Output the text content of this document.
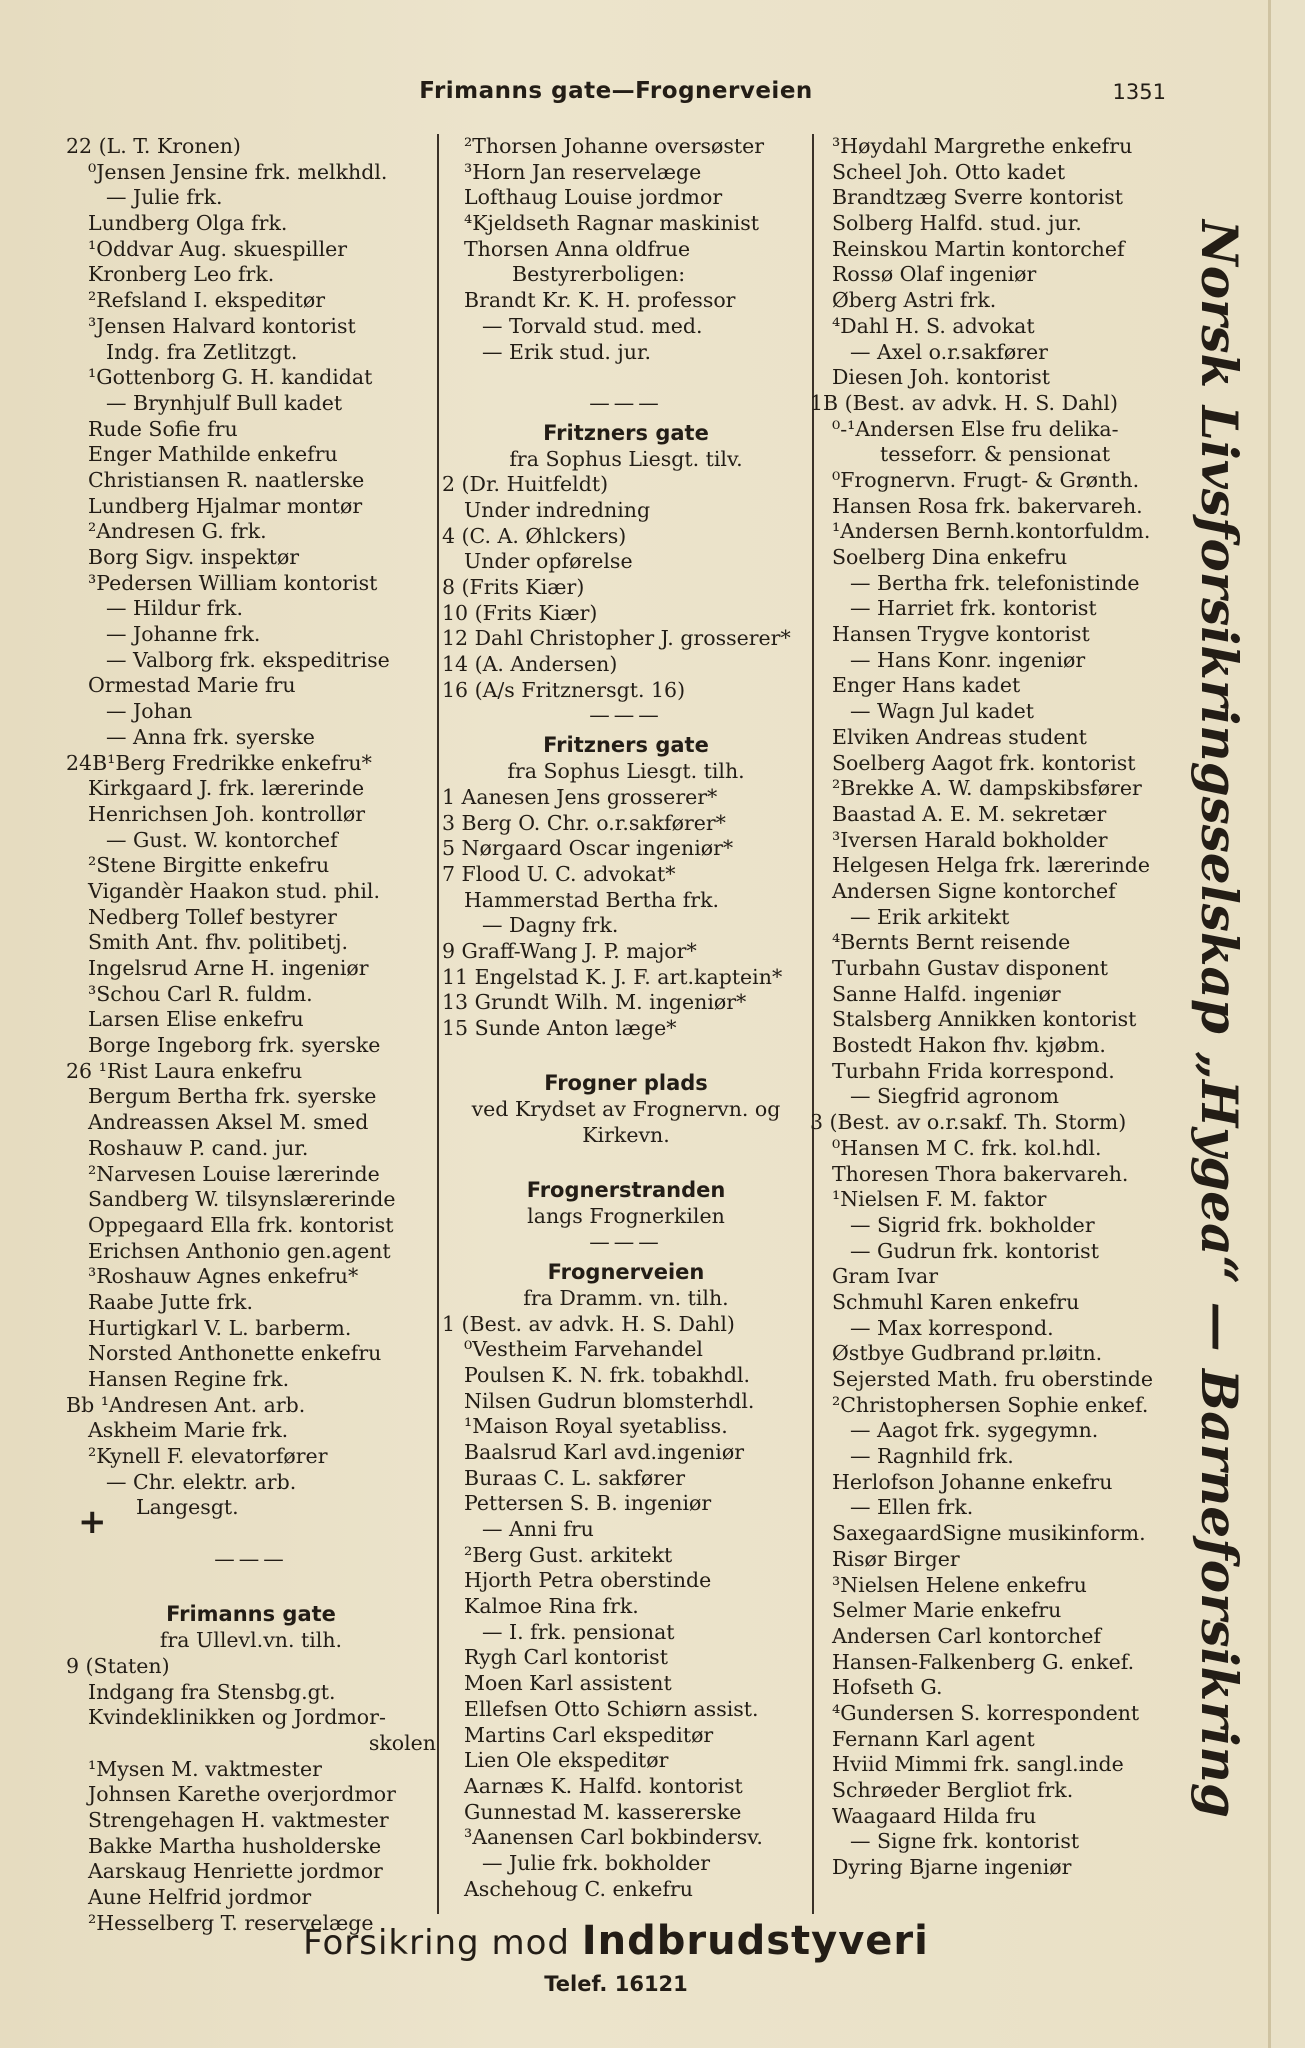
Frimanns gate—Frognerveien	1351
22 (L. T. Kronen)
⁰Jensen Jensine frk. melkhdl.
— Julie frk.
Lundberg Olga frk.
¹Oddvar Aug. skuespiller
Kronberg Leo frk.
²Refsland I. ekspeditør
³Jensen Halvard kontorist
Indg. fra Zetlitzgt.
¹Gottenborg G. H. kandidat
— Brynhjulf Bull kadet
Rude Sofie fru
Enger Mathilde enkefru
Christiansen R. naatlerske
Lundberg Hjalmar montør
²Andresen G. frk.
Borg Sigv. inspektør
³Pedersen William kontorist
— Hildur frk.
— Johanne frk.
— Valborg frk. ekspeditrise
Ormestad Marie fru
— Johan
— Anna frk. syerske
24B¹Berg Fredrikke enkefru*
Kirkgaard J. frk. lærerinde
Henrichsen Joh. kontrollør
— Gust. W. kontorchef
²Stene Birgitte enkefru
Vigandèr Haakon stud. phil.
Nedberg Tollef bestyrer
Smith Ant. fhv. politibetj.
Ingelsrud Arne H. ingeniør
³Schou Carl R. fuldm.
Larsen Elise enkefru
Borge Ingeborg frk. syerske
26 ¹Rist Laura enkefru
Bergum Bertha frk. syerske
Andreassen Aksel M. smed
Roshauw P. cand. jur.
²Narvesen Louise lærerinde
Sandberg W. tilsynslærerinde
Oppegaard Ella frk. kontorist
Erichsen Anthonio gen.agent
³Roshauw Agnes enkefru*
Raabe Jutte frk.
Hurtigkarl V. L. barberm.
Norsted Anthonette enkefru
Hansen Regine frk.
Bb ¹Andresen Ant. arb.
Askheim Marie frk.
²Kynell F. elevatorfører
— Chr. elektr. arb.
Langesgt.
———
Frimanns gate
fra Ullevl.vn. tilh.
9 (Staten)
Indgang fra Stensbg.gt.
Kvindeklinikken og Jordmor-
skolen
¹Mysen M. vaktmester
Johnsen Karethe overjordmor
Strengehagen H. vaktmester
Bakke Martha husholderske
Aarskaug Henriette jordmor
Aune Helfrid jordmor
²Hesselberg T. reservelæge
²Thorsen Johanne oversøster
³Horn Jan reservelæge
Lofthaug Louise jordmor
⁴Kjeldseth Ragnar maskinist
Thorsen Anna oldfrue
Bestyrerboligen:
Brandt Kr. K. H. professor
— Torvald stud. med.
— Erik stud. jur.
———
Fritzners gate
fra Sophus Liesgt. tilv.
2 (Dr. Huitfeldt)
Under indredning
4 (C. A. Øhlckers)
Under opførelse
8 (Frits Kiær)
10 (Frits Kiær)
12 Dahl Christopher J. grosserer*
14 (A. Andersen)
16 (A/s Fritznersgt. 16)
———
Fritzners gate
fra Sophus Liesgt. tilh.
1 Aanesen Jens grosserer*
3 Berg O. Chr. o.r.sakfører*
5 Nørgaard Oscar ingeniør*
7 Flood U. C. advokat*
Hammerstad Bertha frk.
— Dagny frk.
9 Graff-Wang J. P. major*
11 Engelstad K. J. F. art.kaptein*
13 Grundt Wilh. M. ingeniør*
15 Sunde Anton læge*
Frogner plads
ved Krydset av Frognervn. og
Kirkevn.
Frognerstranden
langs Frognerkilen
———
Frognerveien
fra Dramm. vn. tilh.
1 (Best. av advk. H. S. Dahl)
⁰Vestheim Farvehandel
Poulsen K. N. frk. tobakhdl.
Nilsen Gudrun blomsterhdl.
¹Maison Royal syetabliss.
Baalsrud Karl avd.ingeniør
Buraas C. L. sakfører
Pettersen S. B. ingeniør
— Anni fru
²Berg Gust. arkitekt
Hjorth Petra oberstinde
Kalmoe Rina frk.
— I. frk. pensionat
Rygh Carl kontorist
Moen Karl assistent
Ellefsen Otto Schiørn assist.
Martins Carl ekspeditør
Lien Ole ekspeditør
Aarnæs K. Halfd. kontorist
Gunnestad M. kassererske
³Aanensen Carl bokbindersv.
— Julie frk. bokholder
Aschehoug C. enkefru
³Høydahl Margrethe enkefru
Scheel Joh. Otto kadet
Brandtzæg Sverre kontorist
Solberg Halfd. stud. jur.
Reinskou Martin kontorchef
Rossø Olaf ingeniør
Øberg Astri frk.
⁴Dahl H. S. advokat
— Axel o.r.sakfører
Diesen Joh. kontorist
1B (Best. av advk. H. S. Dahl)
⁰-¹Andersen Else fru delika-
tesseforr. & pensionat
⁰Frognervn. Frugt- & Grønth.
Hansen Rosa frk. bakervareh.
¹Andersen Bernh.kontorfuldm.
Soelberg Dina enkefru
— Bertha frk. telefonistinde
— Harriet frk. kontorist
Hansen Trygve kontorist
— Hans Konr. ingeniør
Enger Hans kadet
— Wagn Jul kadet
Elviken Andreas student
Soelberg Aagot frk. kontorist
²Brekke A. W. dampskibsfører
Baastad A. E. M. sekretær
³Iversen Harald bokholder
Helgesen Helga frk. lærerinde
Andersen Signe kontorchef
— Erik arkitekt
⁴Bernts Bernt reisende
Turbahn Gustav disponent
Sanne Halfd. ingeniør
Stalsberg Annikken kontorist
Bostedt Hakon fhv. kjøbm.
Turbahn Frida korrespond.
— Siegfrid agronom
3 (Best. av o.r.sakf. Th. Storm)
⁰Hansen M C. frk. kol.hdl.
Thoresen Thora bakervareh.
¹Nielsen F. M. faktor
— Sigrid frk. bokholder
— Gudrun frk. kontorist
Gram Ivar
Schmuhl Karen enkefru
— Max korrespond.
Østbye Gudbrand pr.løitn.
Sejersted Math. fru oberstinde
²Christophersen Sophie enkef.
— Aagot frk. sygegymn.
— Ragnhild frk.
Herlofson Johanne enkefru
— Ellen frk.
SaxegaardSigne musikinform.
Risør Birger
³Nielsen Helene enkefru
Selmer Marie enkefru
Andersen Carl kontorchef
Hansen-Falkenberg G. enkef.
Hofseth G.
⁴Gundersen S. korrespondent
Fernann Karl agent
Hviid Mimmi frk. sangl.inde
Schrøeder Bergliot frk.
Waagaard Hilda fru
— Signe frk. kontorist
Dyring Bjarne ingeniør
+	Norsk Livsforsikringsselskap „Hygea“ — Barneforsikring
Forsikring mod Indbrudstyveri
Telef. 16121
